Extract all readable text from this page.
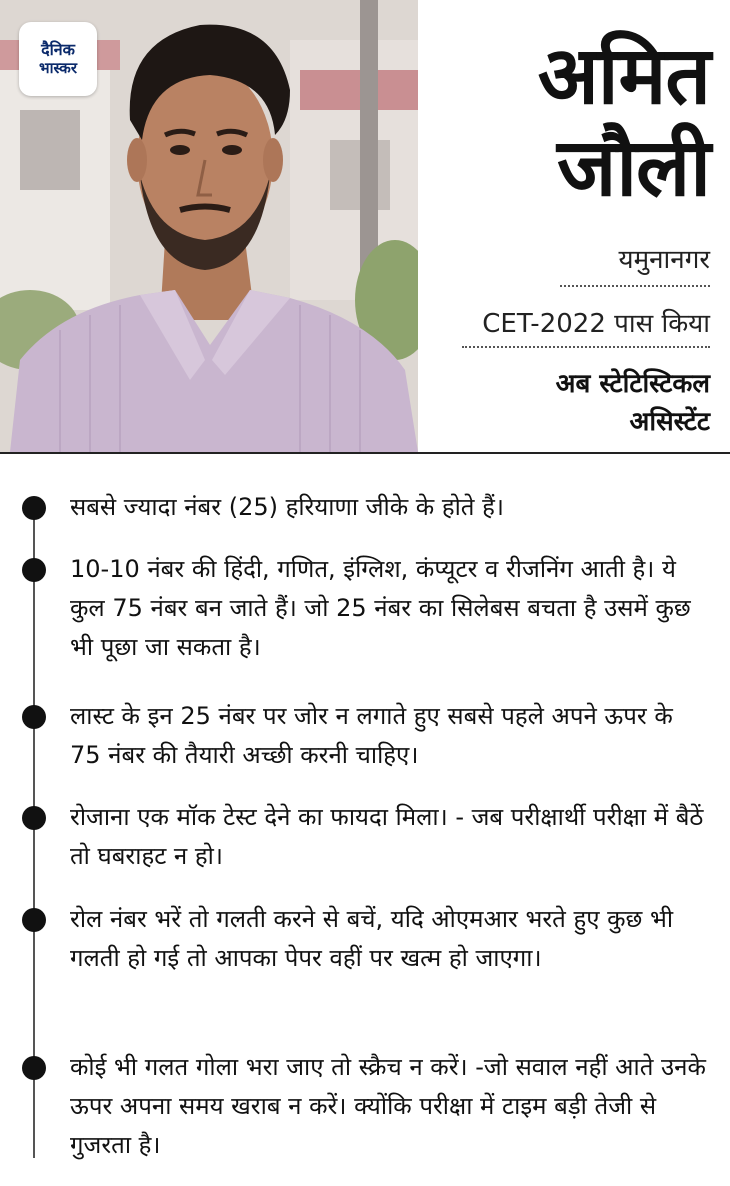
दैनिक
भास्कर	अमित
जौली
यमुनानगर
CET-2022 पास किया
अब स्टेटिस्टिकल
असिस्टेंट
सबसे ज्यादा नंबर (25) हरियाणा जीके के होते हैं।
10-10 नंबर की हिंदी, गणित, इंग्लिश, कंप्यूटर व रीजनिंग आती है। ये कुल 75 नंबर बन जाते हैं। जो 25 नंबर का सिलेबस बचता है उसमें कुछ भी पूछा जा सकता है।
लास्ट के इन 25 नंबर पर जोर न लगाते हुए सबसे पहले अपने ऊपर के 75 नंबर की तैयारी अच्छी करनी चाहिए।
रोजाना एक मॉक टेस्ट देने का फायदा मिला। - जब परीक्षार्थी परीक्षा में बैठें तो घबराहट न हो।
रोल नंबर भरें तो गलती करने से बचें, यदि ओएमआर भरते हुए कुछ भी गलती हो गई तो आपका पेपर वहीं पर खत्म हो जाएगा।
कोई भी गलत गोला भरा जाए तो स्क्रैच न करें। -जो सवाल नहीं आते उनके ऊपर अपना समय खराब न करें। क्योंकि परीक्षा में टाइम बड़ी तेजी से गुजरता है।
